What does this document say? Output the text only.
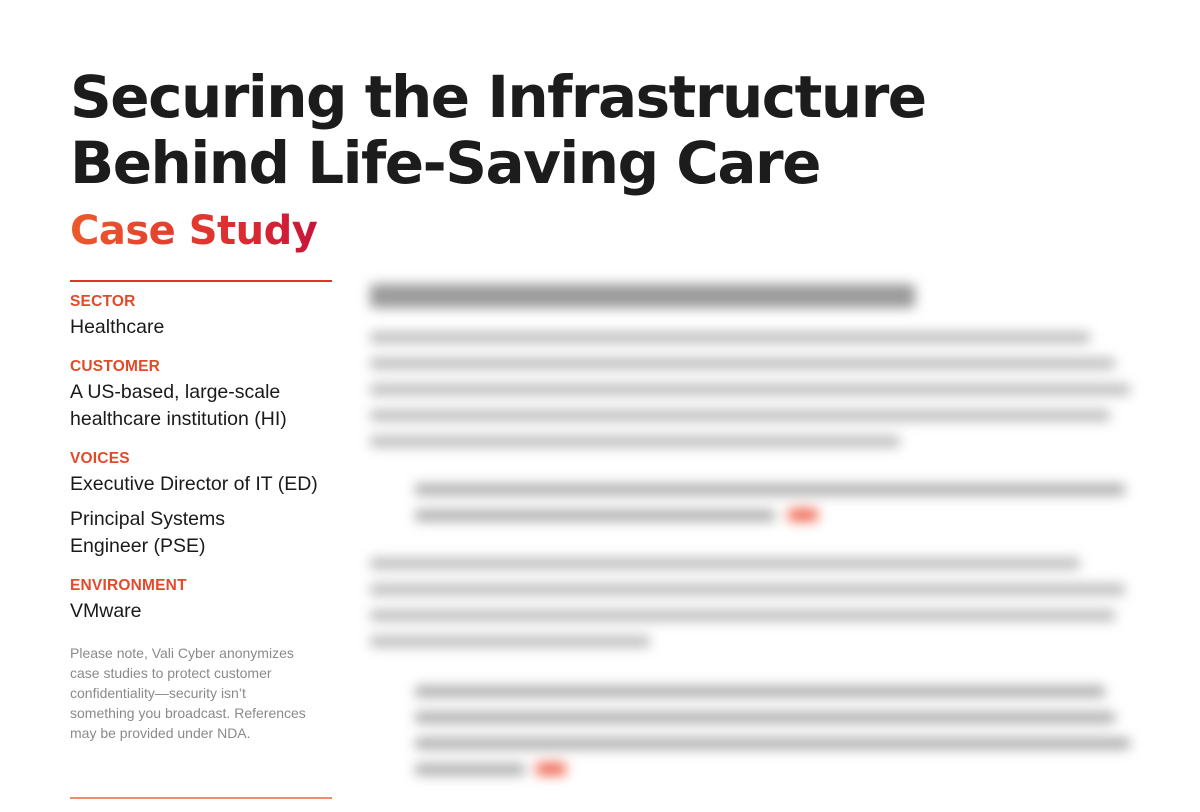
Securing the Infrastructure
Behind Life-Saving Care
Case Study

SECTOR

Healthcare

CUSTOMER

A US-based, large-scale
healthcare institution (HI)

VOICES

Executive Director of IT (ED)

Principal Systems
Engineer (PSE)

ENVIRONMENT

VMware

Please note, Vali Cyber anonymizes
case studies to protect customer
confidentiality—security isn’t
something you broadcast. References
may be provided under NDA.
